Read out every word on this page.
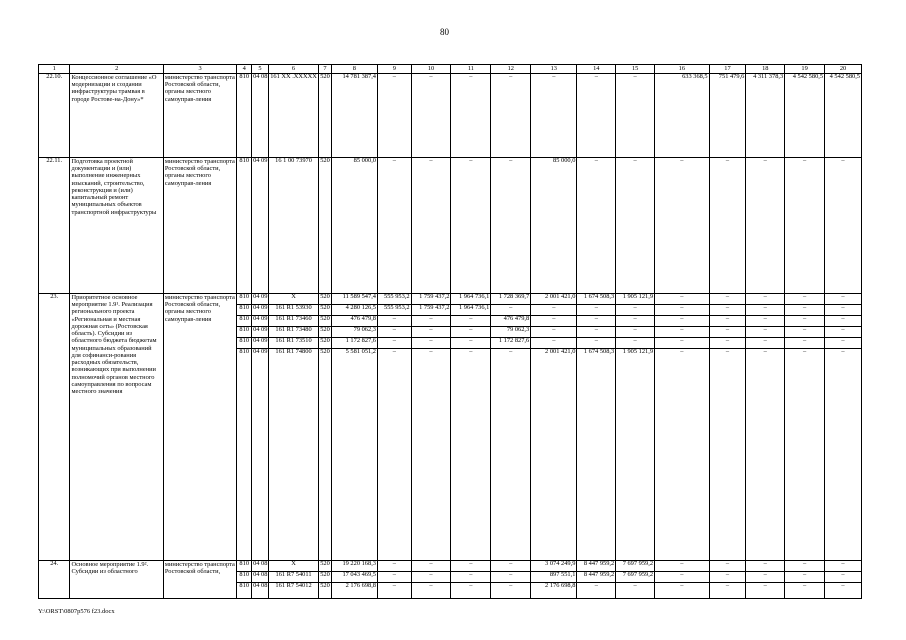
80
1	2	3	4	5	6	7	8	9	10	11	12	13	14	15	16	17	18	19	20
22.10.	Концессионное соглашение «О модернизации и создании инфраструктуры трамвая в городе Ростове-на-Дону»*	министерство транспорта Ростовской области, органы местного самоуправ-ления	810	04 08	161 XX .XXXXX	520	14 781 387,4	–	–	–	–	–	–	–	633 368,5	751 479,6	4 311 378,3	4 542 580,5	4 542 580,5
22.11.	Подготовка проектной документации и (или) выполнение инженерных изысканий, строительство, реконструкция и (или) капитальный ремонт муниципальных объектов транспортной инфраструктуры	министерство транспорта Ростовской области, органы местного самоуправ-ления	810	04 09	16 1 00 73970	520	85 000,0	–	–	–	–	85 000,0	–	–	–	–	–	–	–
23.	Приоритетное основное мероприятие 1.9¹. Реализация регионального проекта «Региональная и местная дорожная сеть» (Ростовская область). Субсидии из областного бюджета бюджетам муниципальных образований для софинанси-рования расходных обязательств, возникающих при выполнении полномочий органов местного самоуправления по вопросам местного значения	министерство транспорта Ростовской области, органы местного самоуправ-ления	810	04 09	X	520	11 589 547,4	555 953,2	1 759 437,2	1 964 736,1	1 728 369,7	2 001 421,0	1 674 508,3	1 905 121,9	–	–	–	–	–
			810	04 09	161 R1 53930	520	4 280 126,5	555 953,2	1 759 437,2	1 964 736,1	–	–	–	–	–	–	–	–	–
			810	04 09	161 R1 73460	520	476 479,8	–	–	–	476 479,8	–	–	–	–	–	–	–	–
			810	04 09	161 R1 73480	520	79 062,3	–	–	–	79 062,3	–	–	–	–	–	–	–	–
			810	04 09	161 R1 73510	520	1 172 827,6	–	–	–	1 172 827,6	–	–	–	–	–	–	–	–
			810	04 09	161 R1 74800	520	5 581 051,2	–	–	–	–	2 001 421,0	1 674 508,3	1 905 121,9	–	–	–	–	–
24.	Основное мероприятие 1.9². Субсидии из областного	министерство транспорта Ростовской области,	810	04 08	X	520	19 220 168,3	–	–	–	–	3 074 249,9	8 447 959,2	7 697 959,2	–	–	–	–	–
			810	04 08	161 R7 54011	520	17 043 469,5	–	–	–	–	897 551,1	8 447 959,2	7 697 959,2	–	–	–	–	–
			810	04 08	161 R7 54012	520	2 176 698,8	–	–	–	–	2 176 698,8	–	–	–	–	–	–	–
Y:\ORST\0807p576 f23.docx
